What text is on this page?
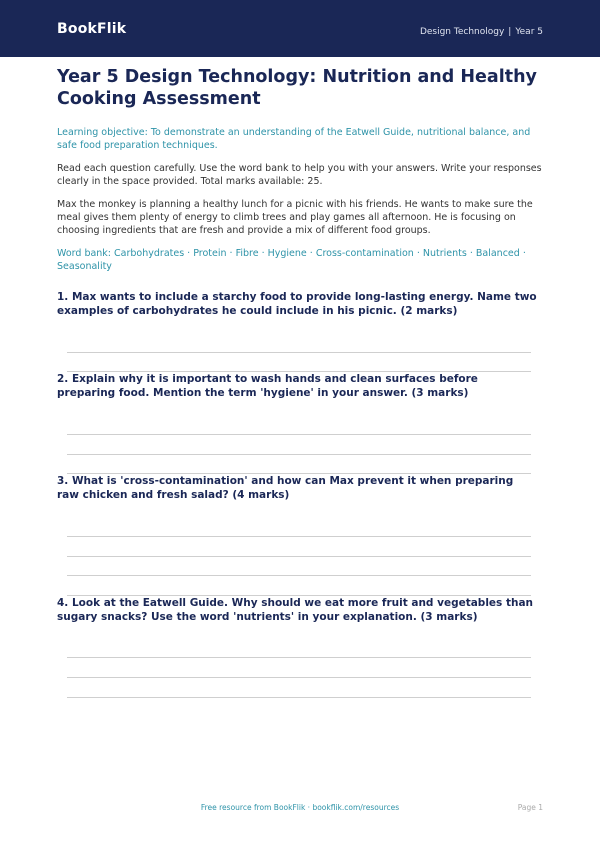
BookFlik	Design Technology | Year 5
Year 5 Design Technology: Nutrition and Healthy Cooking Assessment
Learning objective: To demonstrate an understanding of the Eatwell Guide, nutritional balance, and safe food preparation techniques.
Read each question carefully. Use the word bank to help you with your answers. Write your responses clearly in the space provided. Total marks available: 25.
Max the monkey is planning a healthy lunch for a picnic with his friends. He wants to make sure the meal gives them plenty of energy to climb trees and play games all afternoon. He is focusing on choosing ingredients that are fresh and provide a mix of different food groups.
Word bank: Carbohydrates · Protein · Fibre · Hygiene · Cross-contamination · Nutrients · Balanced · Seasonality
1. Max wants to include a starchy food to provide long-lasting energy. Name two examples of carbohydrates he could include in his picnic. (2 marks)
2. Explain why it is important to wash hands and clean surfaces before preparing food. Mention the term 'hygiene' in your answer. (3 marks)
3. What is 'cross-contamination' and how can Max prevent it when preparing raw chicken and fresh salad? (4 marks)
4. Look at the Eatwell Guide. Why should we eat more fruit and vegetables than sugary snacks? Use the word 'nutrients' in your explanation. (3 marks)
Free resource from BookFlik · bookflik.com/resources	Page 1
